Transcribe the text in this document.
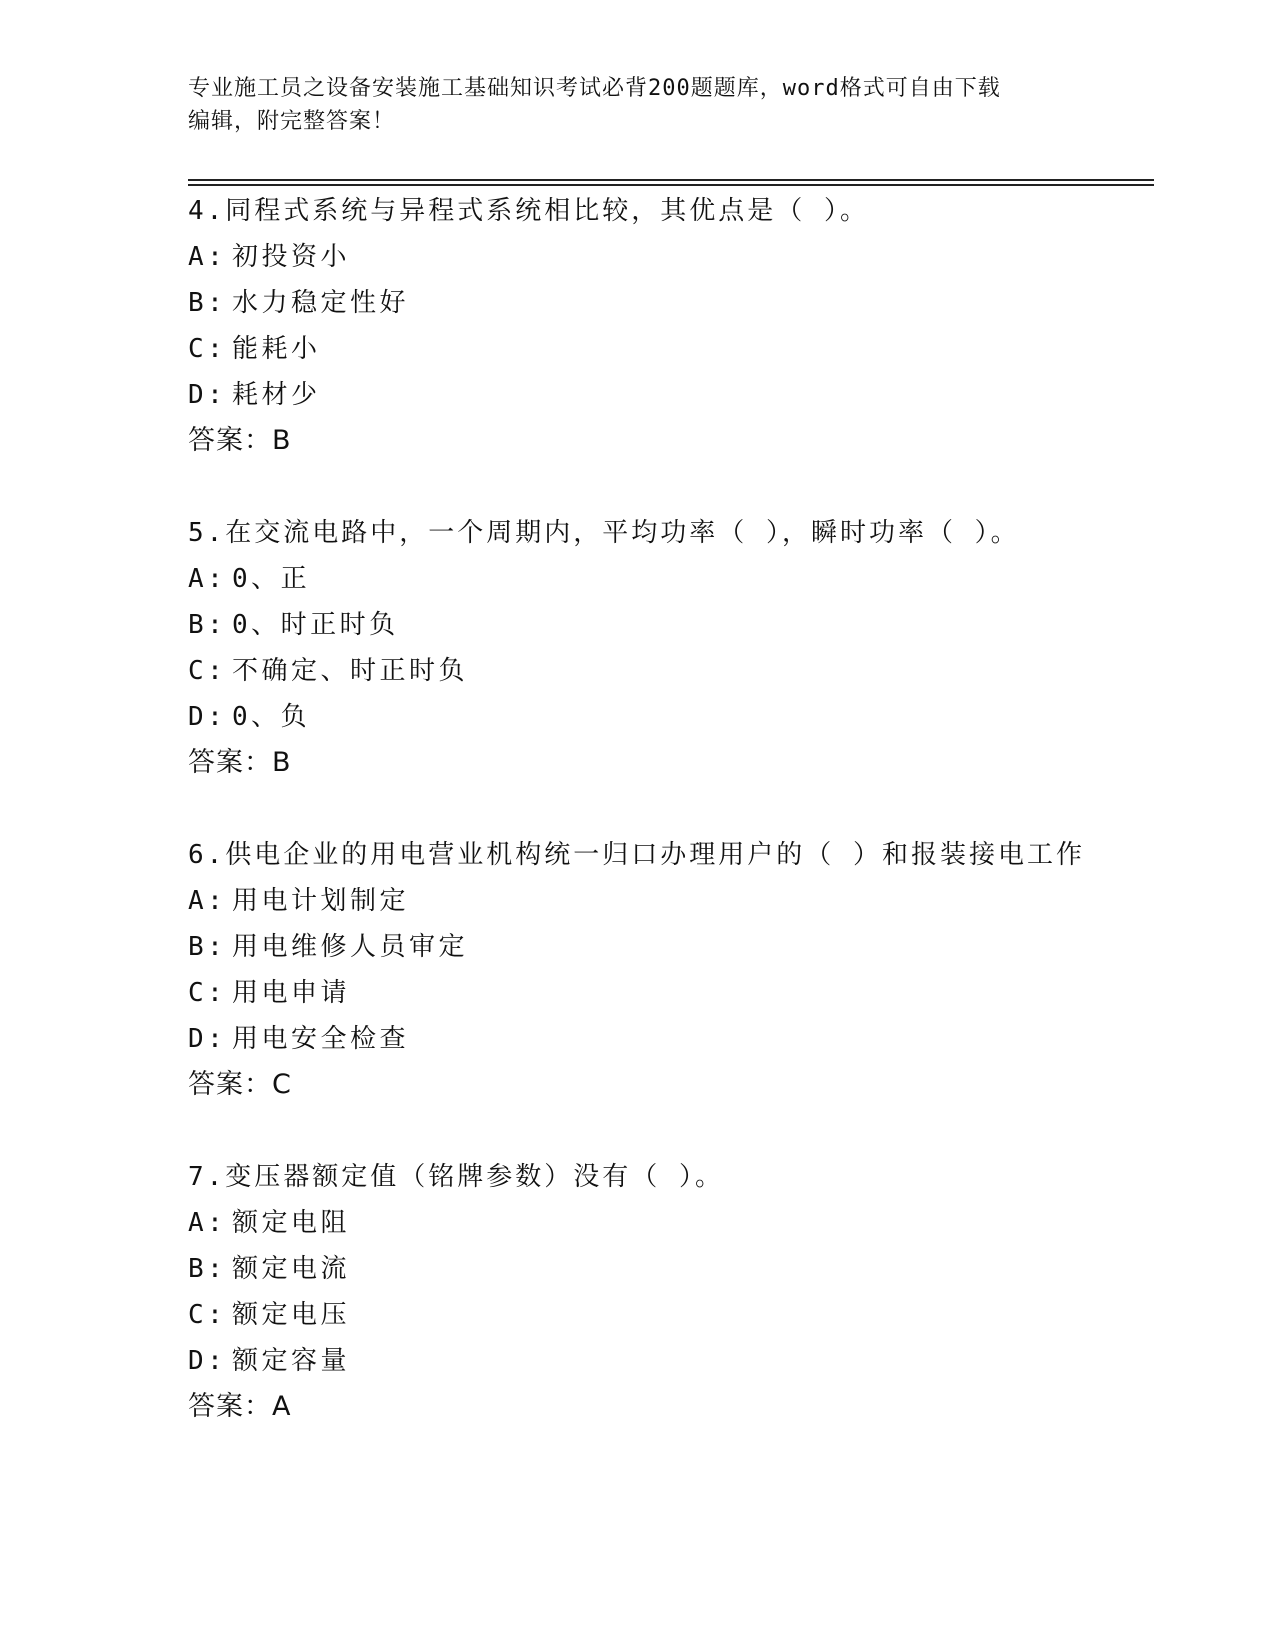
专业施工员之设备安装施工基础知识考试必背200题题库，word格式可自由下载
编辑，附完整答案！
4.同程式系统与异程式系统相比较，其优点是（ ）。
A: 初投资小
B: 水力稳定性好
C: 能耗小
D: 耗材少
答案：B
5.在交流电路中，一个周期内，平均功率（ ），瞬时功率（ ）。
A: 0、正
B: 0、时正时负
C: 不确定、时正时负
D: 0、负
答案：B
6.供电企业的用电营业机构统一归口办理用户的（ ）和报装接电工作
A: 用电计划制定
B: 用电维修人员审定
C: 用电申请
D: 用电安全检查
答案：C
7.变压器额定值（铭牌参数）没有（ ）。
A: 额定电阻
B: 额定电流
C: 额定电压
D: 额定容量
答案：A
